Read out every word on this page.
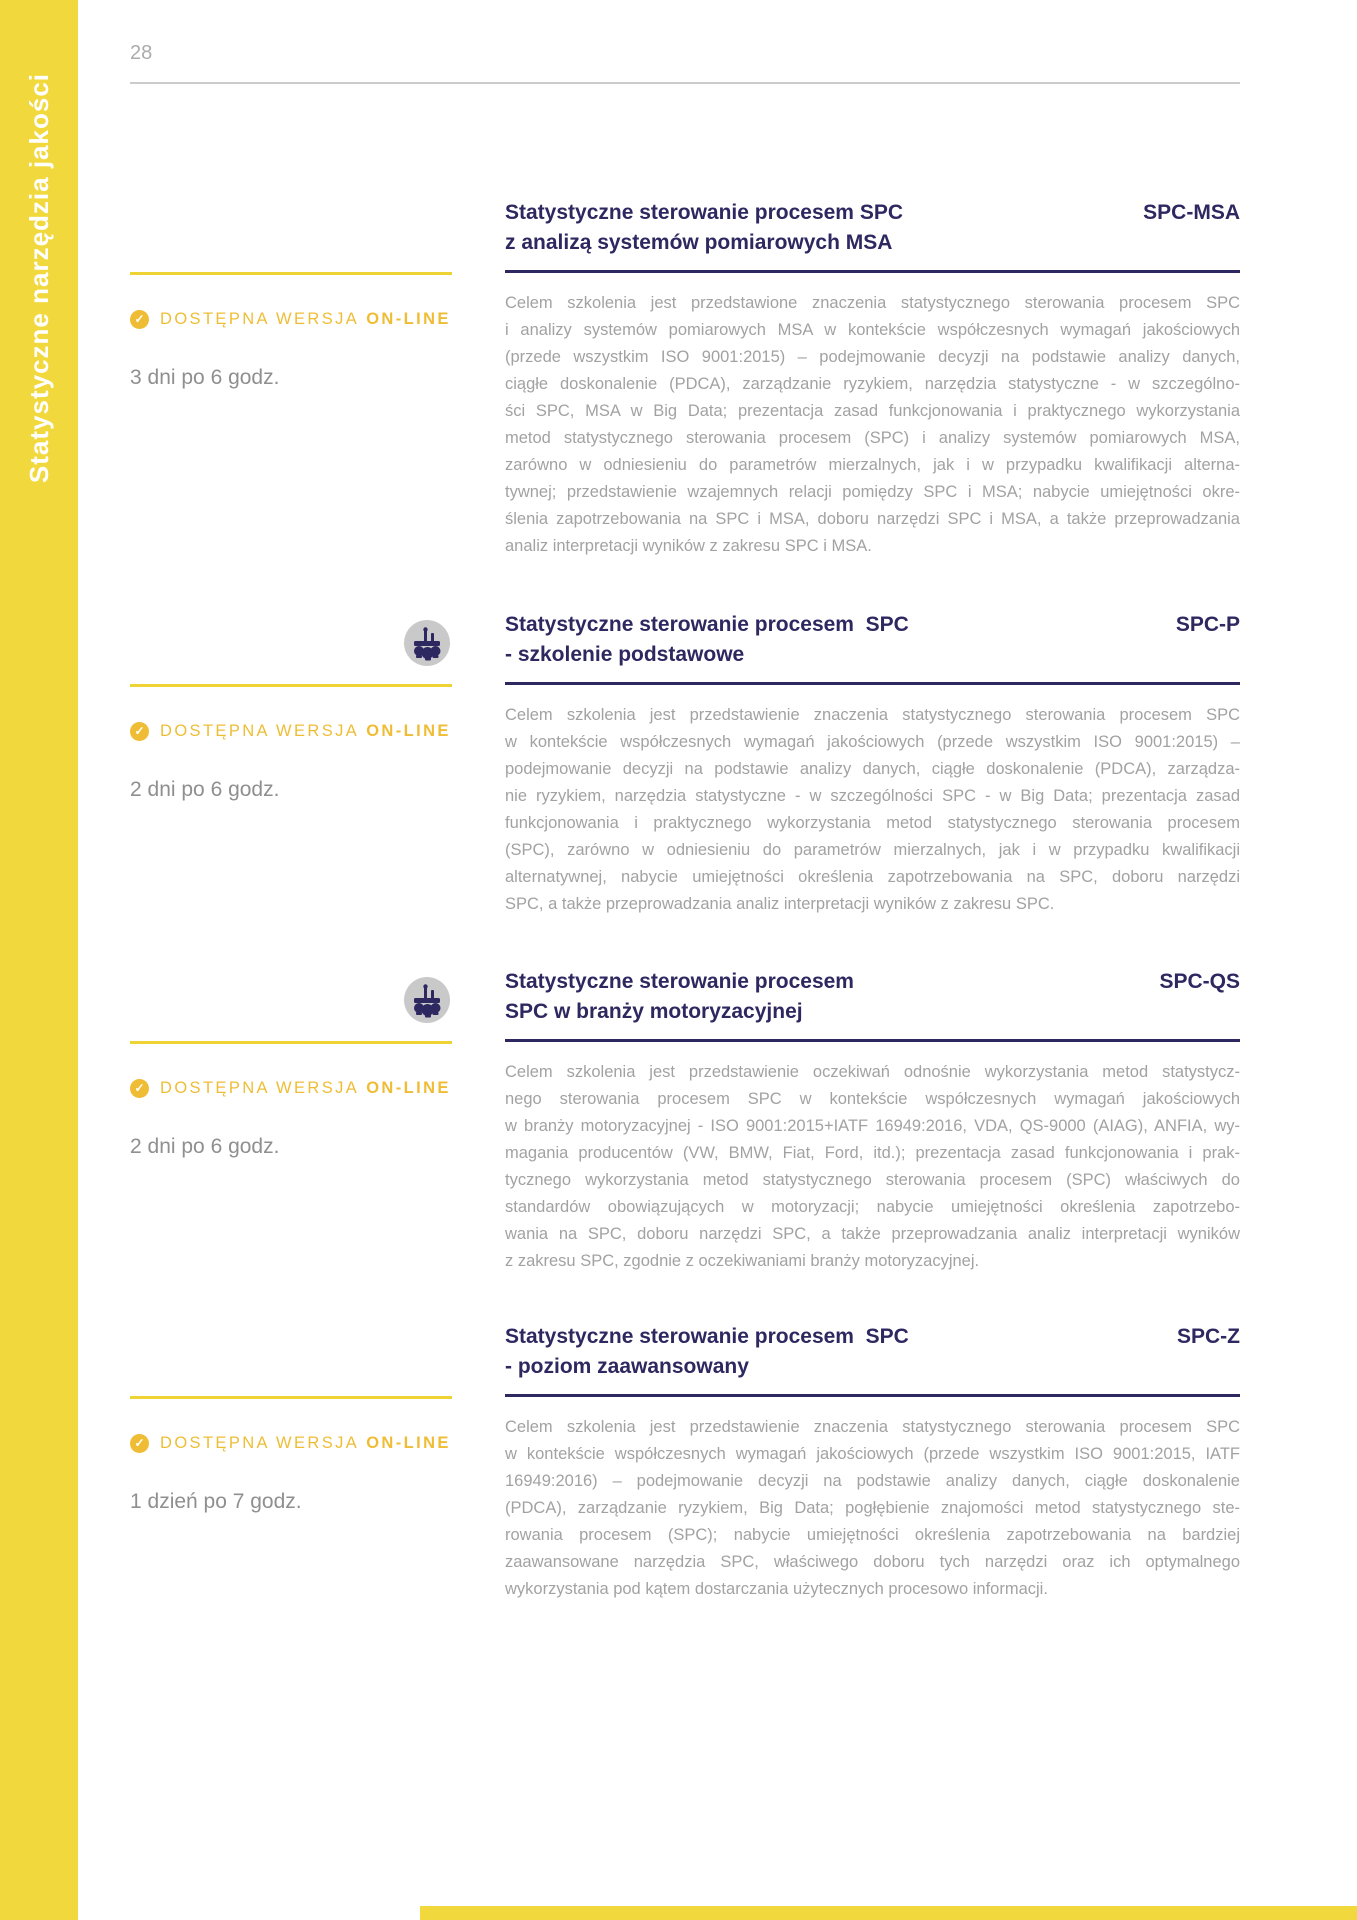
Statystyczne narzędzia jakości
28
Statystyczne sterowanie procesem SPC
z analizą systemów pomiarowych MSA
SPC-MSA
Celem szkolenia jest przedstawione znaczenia statystycznego sterowania procesem SPC
i analizy systemów pomiarowych MSA w kontekście współczesnych wymagań jakościowych
(przede wszystkim ISO 9001:2015) – podejmowanie decyzji na podstawie analizy danych,
ciągłe doskonalenie (PDCA), zarządzanie ryzykiem, narzędzia statystyczne - w szczególno-
ści SPC, MSA w Big Data; prezentacja zasad funkcjonowania i praktycznego wykorzystania
metod statystycznego sterowania procesem (SPC) i analizy systemów pomiarowych MSA,
zarówno w odniesieniu do parametrów mierzalnych, jak i w przypadku kwalifikacji alterna-
tywnej; przedstawienie wzajemnych relacji pomiędzy SPC i MSA; nabycie umiejętności okre-
ślenia zapotrzebowania na SPC i MSA, doboru narzędzi SPC i MSA, a także przeprowadzania
analiz interpretacji wyników z zakresu SPC i MSA.
✓ DOSTĘPNA WERSJA ON-LINE
3 dni po 6 godz.
Statystyczne sterowanie procesem  SPC
- szkolenie podstawowe
SPC-P
Celem szkolenia jest przedstawienie znaczenia statystycznego sterowania procesem SPC
w kontekście współczesnych wymagań jakościowych (przede wszystkim ISO 9001:2015) –
podejmowanie decyzji na podstawie analizy danych, ciągłe doskonalenie (PDCA), zarządza-
nie ryzykiem, narzędzia statystyczne - w szczególności SPC - w Big Data; prezentacja zasad
funkcjonowania i praktycznego wykorzystania metod statystycznego sterowania procesem
(SPC), zarówno w odniesieniu do parametrów mierzalnych, jak i w przypadku kwalifikacji
alternatywnej, nabycie umiejętności określenia zapotrzebowania na SPC, doboru narzędzi
SPC, a także przeprowadzania analiz interpretacji wyników z zakresu SPC.
✓ DOSTĘPNA WERSJA ON-LINE
2 dni po 6 godz.
Statystyczne sterowanie procesem
SPC w branży motoryzacyjnej
SPC-QS
Celem szkolenia jest przedstawienie oczekiwań odnośnie wykorzystania metod statystycz-
nego sterowania procesem SPC w kontekście współczesnych wymagań jakościowych
w branży motoryzacyjnej - ISO 9001:2015+IATF 16949:2016, VDA, QS-9000 (AIAG), ANFIA, wy-
magania producentów (VW, BMW, Fiat, Ford, itd.); prezentacja zasad funkcjonowania i prak-
tycznego wykorzystania metod statystycznego sterowania procesem (SPC) właściwych do
standardów obowiązujących w motoryzacji; nabycie umiejętności określenia zapotrzebo-
wania na SPC, doboru narzędzi SPC, a także przeprowadzania analiz interpretacji wyników
z zakresu SPC, zgodnie z oczekiwaniami branży motoryzacyjnej.
✓ DOSTĘPNA WERSJA ON-LINE
2 dni po 6 godz.
Statystyczne sterowanie procesem  SPC
- poziom zaawansowany
SPC-Z
Celem szkolenia jest przedstawienie znaczenia statystycznego sterowania procesem SPC
w kontekście współczesnych wymagań jakościowych (przede wszystkim ISO 9001:2015, IATF
16949:2016) – podejmowanie decyzji na podstawie analizy danych, ciągłe doskonalenie
(PDCA), zarządzanie ryzykiem, Big Data; pogłębienie znajomości metod statystycznego ste-
rowania procesem (SPC); nabycie umiejętności określenia zapotrzebowania na bardziej
zaawansowane narzędzia SPC, właściwego doboru tych narzędzi oraz ich optymalnego
wykorzystania pod kątem dostarczania użytecznych procesowo informacji.
✓ DOSTĘPNA WERSJA ON-LINE
1 dzień po 7 godz.
